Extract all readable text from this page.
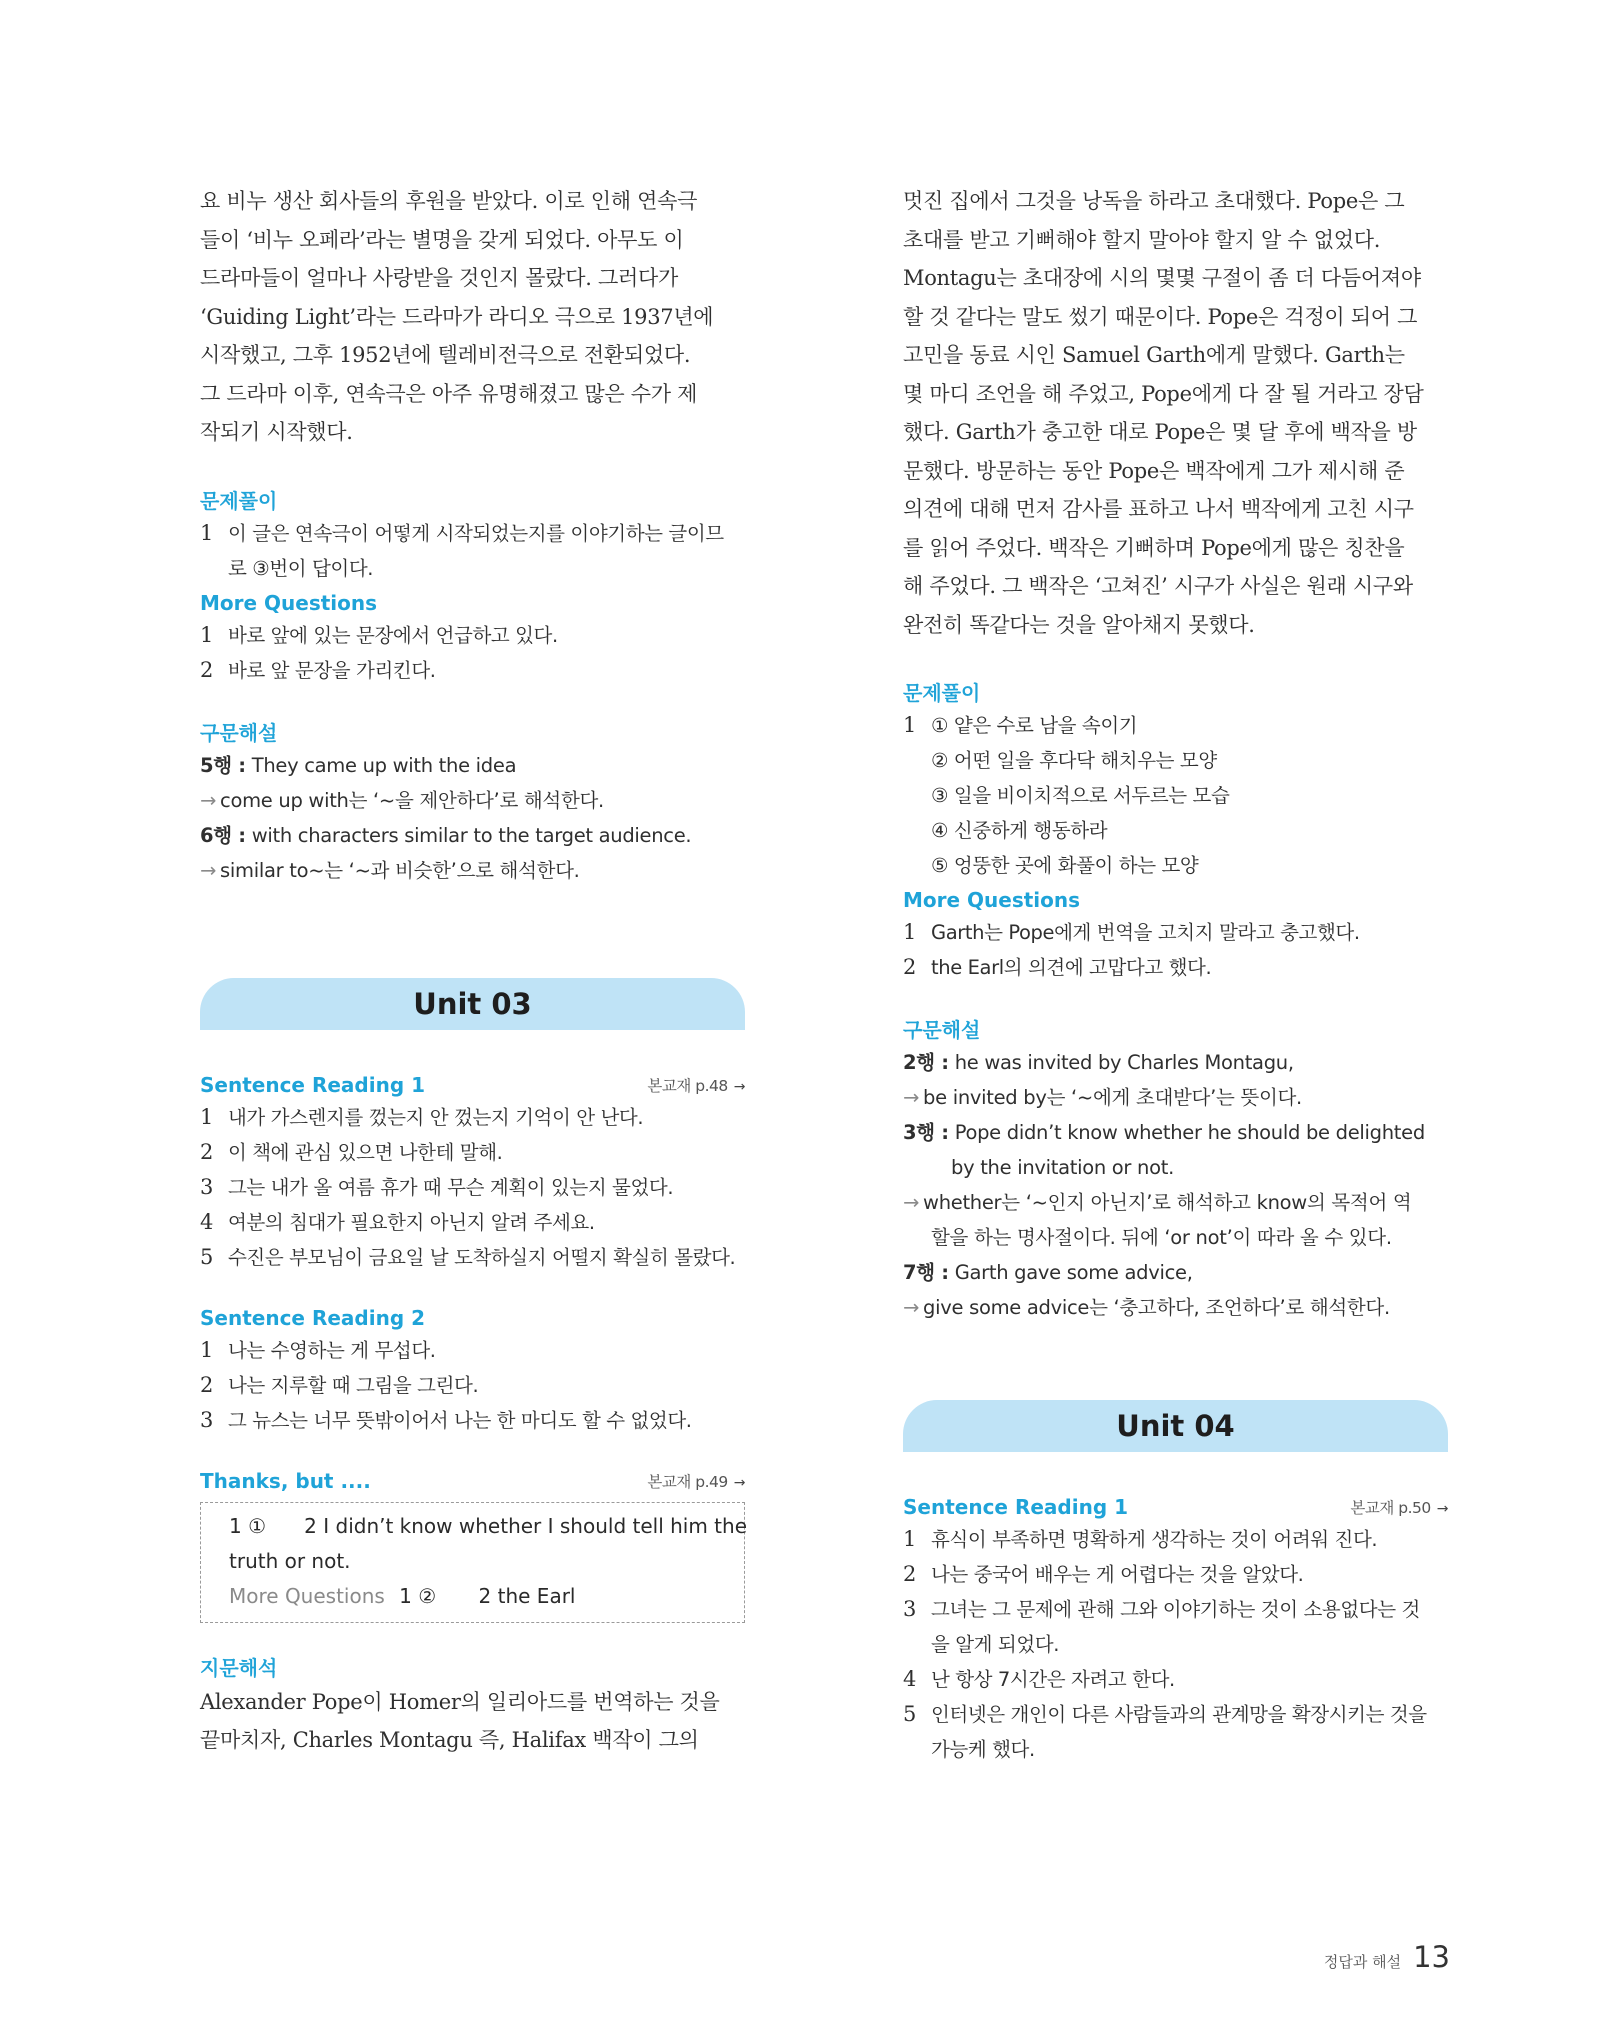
요 비누 생산 회사들의 후원을 받았다. 이로 인해 연속극

들이 ‘비누 오페라’라는 별명을 갖게 되었다. 아무도 이

드라마들이 얼마나 사랑받을 것인지 몰랐다. 그러다가

‘Guiding Light’라는 드라마가 라디오 극으로 1937년에

시작했고, 그후 1952년에 텔레비전극으로 전환되었다.

그 드라마 이후, 연속극은 아주 유명해졌고 많은 수가 제

작되기 시작했다.

문제풀이

1 이 글은 연속극이 어떻게 시작되었는지를 이야기하는 글이므

로 ③번이 답이다.

More Questions

1 바로 앞에 있는 문장에서 언급하고 있다.

2 바로 앞 문장을 가리킨다.

구문해설

5행 : They came up with the idea

→ come up with는 ‘~을 제안하다’로 해석한다.

6행 : with characters similar to the target audience.

→ similar to~는 ‘~과 비슷한’으로 해석한다.

Unit 03
Sentence Reading 1	본교재 p.48 →

1 내가 가스렌지를 껐는지 안 껐는지 기억이 안 난다.

2 이 책에 관심 있으면 나한테 말해.

3 그는 내가 올 여름 휴가 때 무슨 계획이 있는지 물었다.

4 여분의 침대가 필요한지 아닌지 알려 주세요.

5 수진은 부모님이 금요일 날 도착하실지 어떨지 확실히 몰랐다.

Sentence Reading 2

1 나는 수영하는 게 무섭다.

2 나는 지루할 때 그림을 그린다.

3 그 뉴스는 너무 뜻밖이어서 나는 한 마디도 할 수 없었다.

Thanks, but ....	본교재 p.49 →
1 ①      2 I didn’t know whether I should tell him the
truth or not.
More Questions 1 ② 2 the Earl

지문해석

Alexander Pope이 Homer의 일리아드를 번역하는 것을

끝마치자, Charles Montagu 즉, Halifax 백작이 그의

멋진 집에서 그것을 낭독을 하라고 초대했다. Pope은 그

초대를 받고 기뻐해야 할지 말아야 할지 알 수 없었다.

Montagu는 초대장에 시의 몇몇 구절이 좀 더 다듬어져야

할 것 같다는 말도 썼기 때문이다. Pope은 걱정이 되어 그

고민을 동료 시인 Samuel Garth에게 말했다. Garth는

몇 마디 조언을 해 주었고, Pope에게 다 잘 될 거라고 장담

했다. Garth가 충고한 대로 Pope은 몇 달 후에 백작을 방

문했다. 방문하는 동안 Pope은 백작에게 그가 제시해 준

의견에 대해 먼저 감사를 표하고 나서 백작에게 고친 시구

를 읽어 주었다. 백작은 기뻐하며 Pope에게 많은 칭찬을

해 주었다. 그 백작은 ‘고쳐진’ 시구가 사실은 원래 시구와

완전히 똑같다는 것을 알아채지 못했다.

문제풀이

1 ① 얕은 수로 남을 속이기

② 어떤 일을 후다닥 해치우는 모양

③ 일을 비이치적으로 서두르는 모습

④ 신중하게 행동하라

⑤ 엉뚱한 곳에 화풀이 하는 모양

More Questions

1 Garth는 Pope에게 번역을 고치지 말라고 충고했다.

2 the Earl의 의견에 고맙다고 했다.

구문해설

2행 : he was invited by Charles Montagu,

→ be invited by는 ‘~에게 초대받다’는 뜻이다.

3행 : Pope didn’t know whether he should be delighted

by the invitation or not.

→ whether는 ‘~인지 아닌지’로 해석하고 know의 목적어 역

할을 하는 명사절이다. 뒤에 ‘or not’이 따라 올 수 있다.

7행 : Garth gave some advice,

→ give some advice는 ‘충고하다, 조언하다’로 해석한다.

Unit 04
Sentence Reading 1	본교재 p.50 →

1 휴식이 부족하면 명확하게 생각하는 것이 어려워 진다.

2 나는 중국어 배우는 게 어렵다는 것을 알았다.

3 그녀는 그 문제에 관해 그와 이야기하는 것이 소용없다는 것

을 알게 되었다.

4 난 항상 7시간은 자려고 한다.

5 인터넷은 개인이 다른 사람들과의 관계망을 확장시키는 것을

가능케 했다.

정답과 해설 13
